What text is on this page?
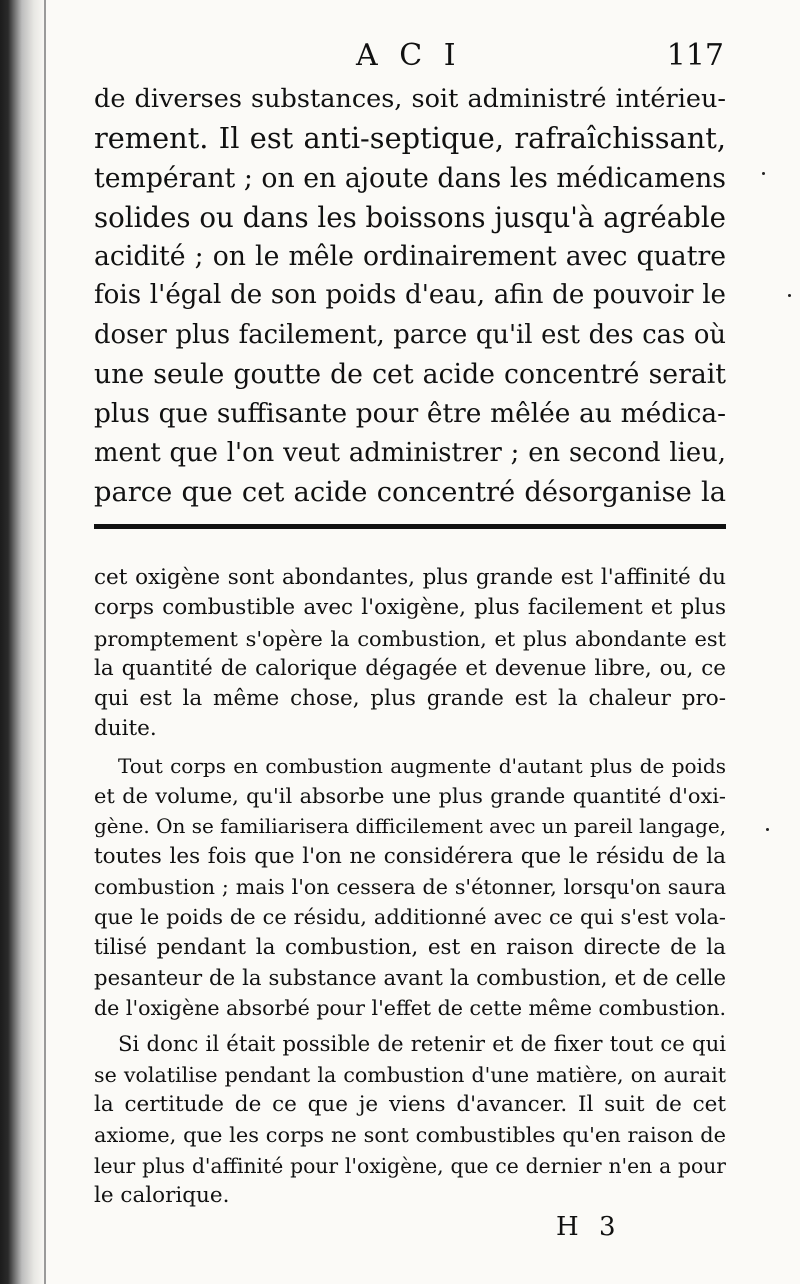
A C I	117
de diverses substances, soit administré intérieu-
rement. Il est anti-septique, rafraîchissant,
tempérant ; on en ajoute dans les médicamens
solides ou dans les boissons jusqu'à agréable
acidité ; on le mêle ordinairement avec quatre
fois l'égal de son poids d'eau, afin de pouvoir le
doser plus facilement, parce qu'il est des cas où
une seule goutte de cet acide concentré serait
plus que suffisante pour être mêlée au médica-
ment que l'on veut administrer ; en second lieu,
parce que cet acide concentré désorganise la
cet oxigène sont abondantes, plus grande est l'affinité du
corps combustible avec l'oxigène, plus facilement et plus
promptement s'opère la combustion, et plus abondante est
la quantité de calorique dégagée et devenue libre, ou, ce
qui est la même chose, plus grande est la chaleur pro-
duite.
Tout corps en combustion augmente d'autant plus de poids
et de volume, qu'il absorbe une plus grande quantité d'oxi-
gène. On se familiarisera difficilement avec un pareil langage,
toutes les fois que l'on ne considérera que le résidu de la
combustion ; mais l'on cessera de s'étonner, lorsqu'on saura
que le poids de ce résidu, additionné avec ce qui s'est vola-
tilisé pendant la combustion, est en raison directe de la
pesanteur de la substance avant la combustion, et de celle
de l'oxigène absorbé pour l'effet de cette même combustion.
Si donc il était possible de retenir et de fixer tout ce qui
se volatilise pendant la combustion d'une matière, on aurait
la certitude de ce que je viens d'avancer. Il suit de cet
axiome, que les corps ne sont combustibles qu'en raison de
leur plus d'affinité pour l'oxigène, que ce dernier n'en a pour
le calorique.
H 3
